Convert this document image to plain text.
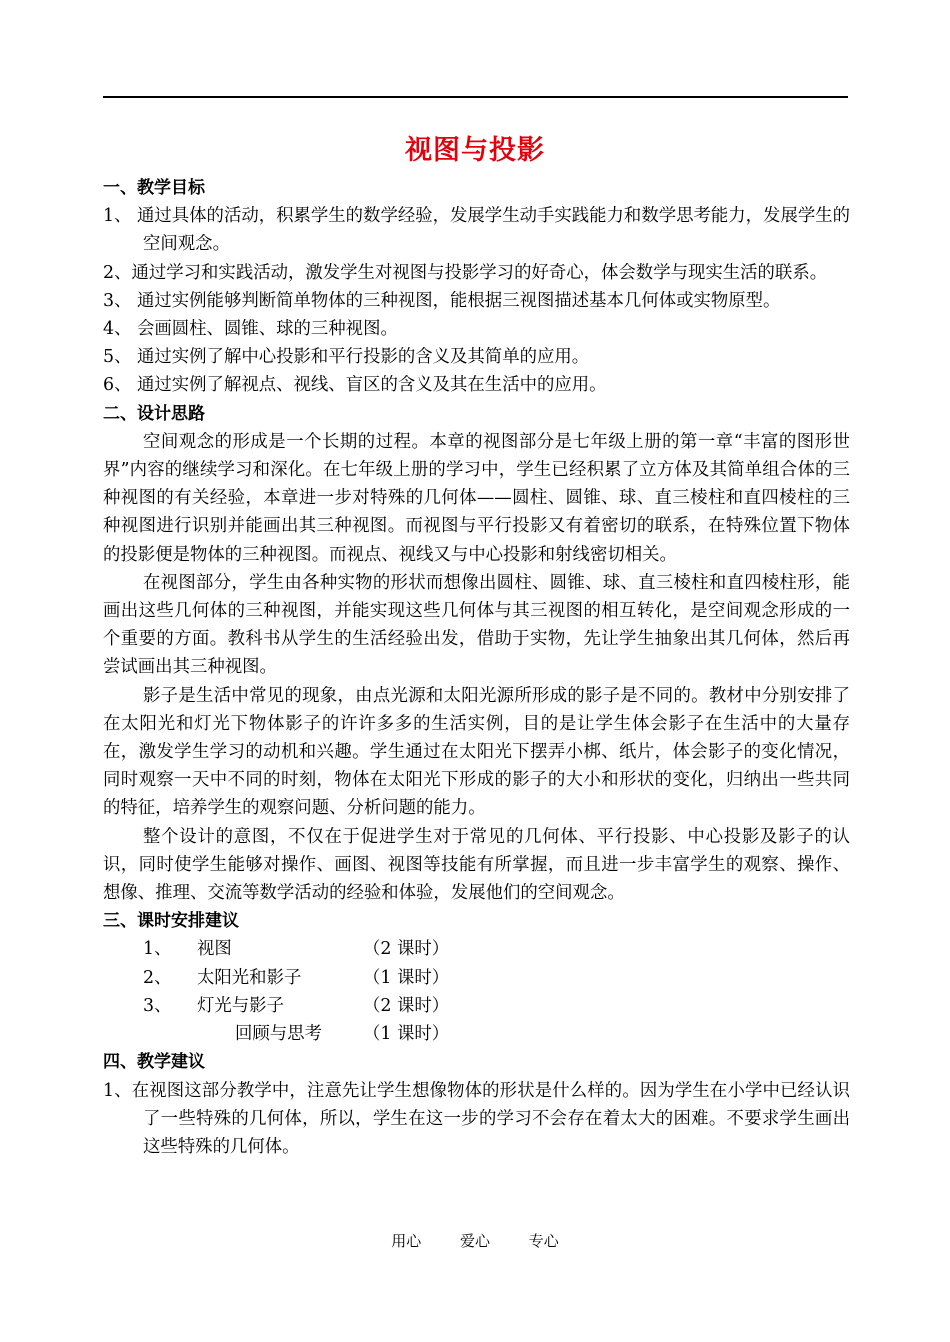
视图与投影
一、教学目标
1、 通过具体的活动，积累学生的数学经验，发展学生动手实践能力和数学思考能力，发展学生的空间观念。
2、通过学习和实践活动，激发学生对视图与投影学习的好奇心，体会数学与现实生活的联系。
3、 通过实例能够判断简单物体的三种视图，能根据三视图描述基本几何体或实物原型。
4、 会画圆柱、圆锥、球的三种视图。
5、 通过实例了解中心投影和平行投影的含义及其简单的应用。
6、 通过实例了解视点、视线、盲区的含义及其在生活中的应用。
二、设计思路
空间观念的形成是一个长期的过程。本章的视图部分是七年级上册的第一章“丰富的图形世界”内容的继续学习和深化。在七年级上册的学习中，学生已经积累了立方体及其简单组合体的三种视图的有关经验，本章进一步对特殊的几何体——圆柱、圆锥、球、直三棱柱和直四棱柱的三种视图进行识别并能画出其三种视图。而视图与平行投影又有着密切的联系，在特殊位置下物体的投影便是物体的三种视图。而视点、视线又与中心投影和射线密切相关。
在视图部分，学生由各种实物的形状而想像出圆柱、圆锥、球、直三棱柱和直四棱柱形，能画出这些几何体的三种视图，并能实现这些几何体与其三视图的相互转化，是空间观念形成的一个重要的方面。教科书从学生的生活经验出发，借助于实物，先让学生抽象出其几何体，然后再尝试画出其三种视图。
影子是生活中常见的现象，由点光源和太阳光源所形成的影子是不同的。教材中分别安排了在太阳光和灯光下物体影子的许许多多的生活实例，目的是让学生体会影子在生活中的大量存在，激发学生学习的动机和兴趣。学生通过在太阳光下摆弄小梆、纸片，体会影子的变化情况，同时观察一天中不同的时刻，物体在太阳光下形成的影子的大小和形状的变化，归纳出一些共同的特征，培养学生的观察问题、分析问题的能力。
整个设计的意图，不仅在于促进学生对于常见的几何体、平行投影、中心投影及影子的认识，同时使学生能够对操作、画图、视图等技能有所掌握，而且进一步丰富学生的观察、操作、想像、推理、交流等数学活动的经验和体验，发展他们的空间观念。
三、课时安排建议
1、	视图	（2 课时）
2、	太阳光和影子	（1 课时）
3、	灯光与影子	（2 课时）
回顾与思考	（1 课时）
四、教学建议
1、在视图这部分教学中，注意先让学生想像物体的形状是什么样的。因为学生在小学中已经认识了一些特殊的几何体，所以，学生在这一步的学习不会存在着太大的困难。不要求学生画出这些特殊的几何体。
用心	爱心	专心
